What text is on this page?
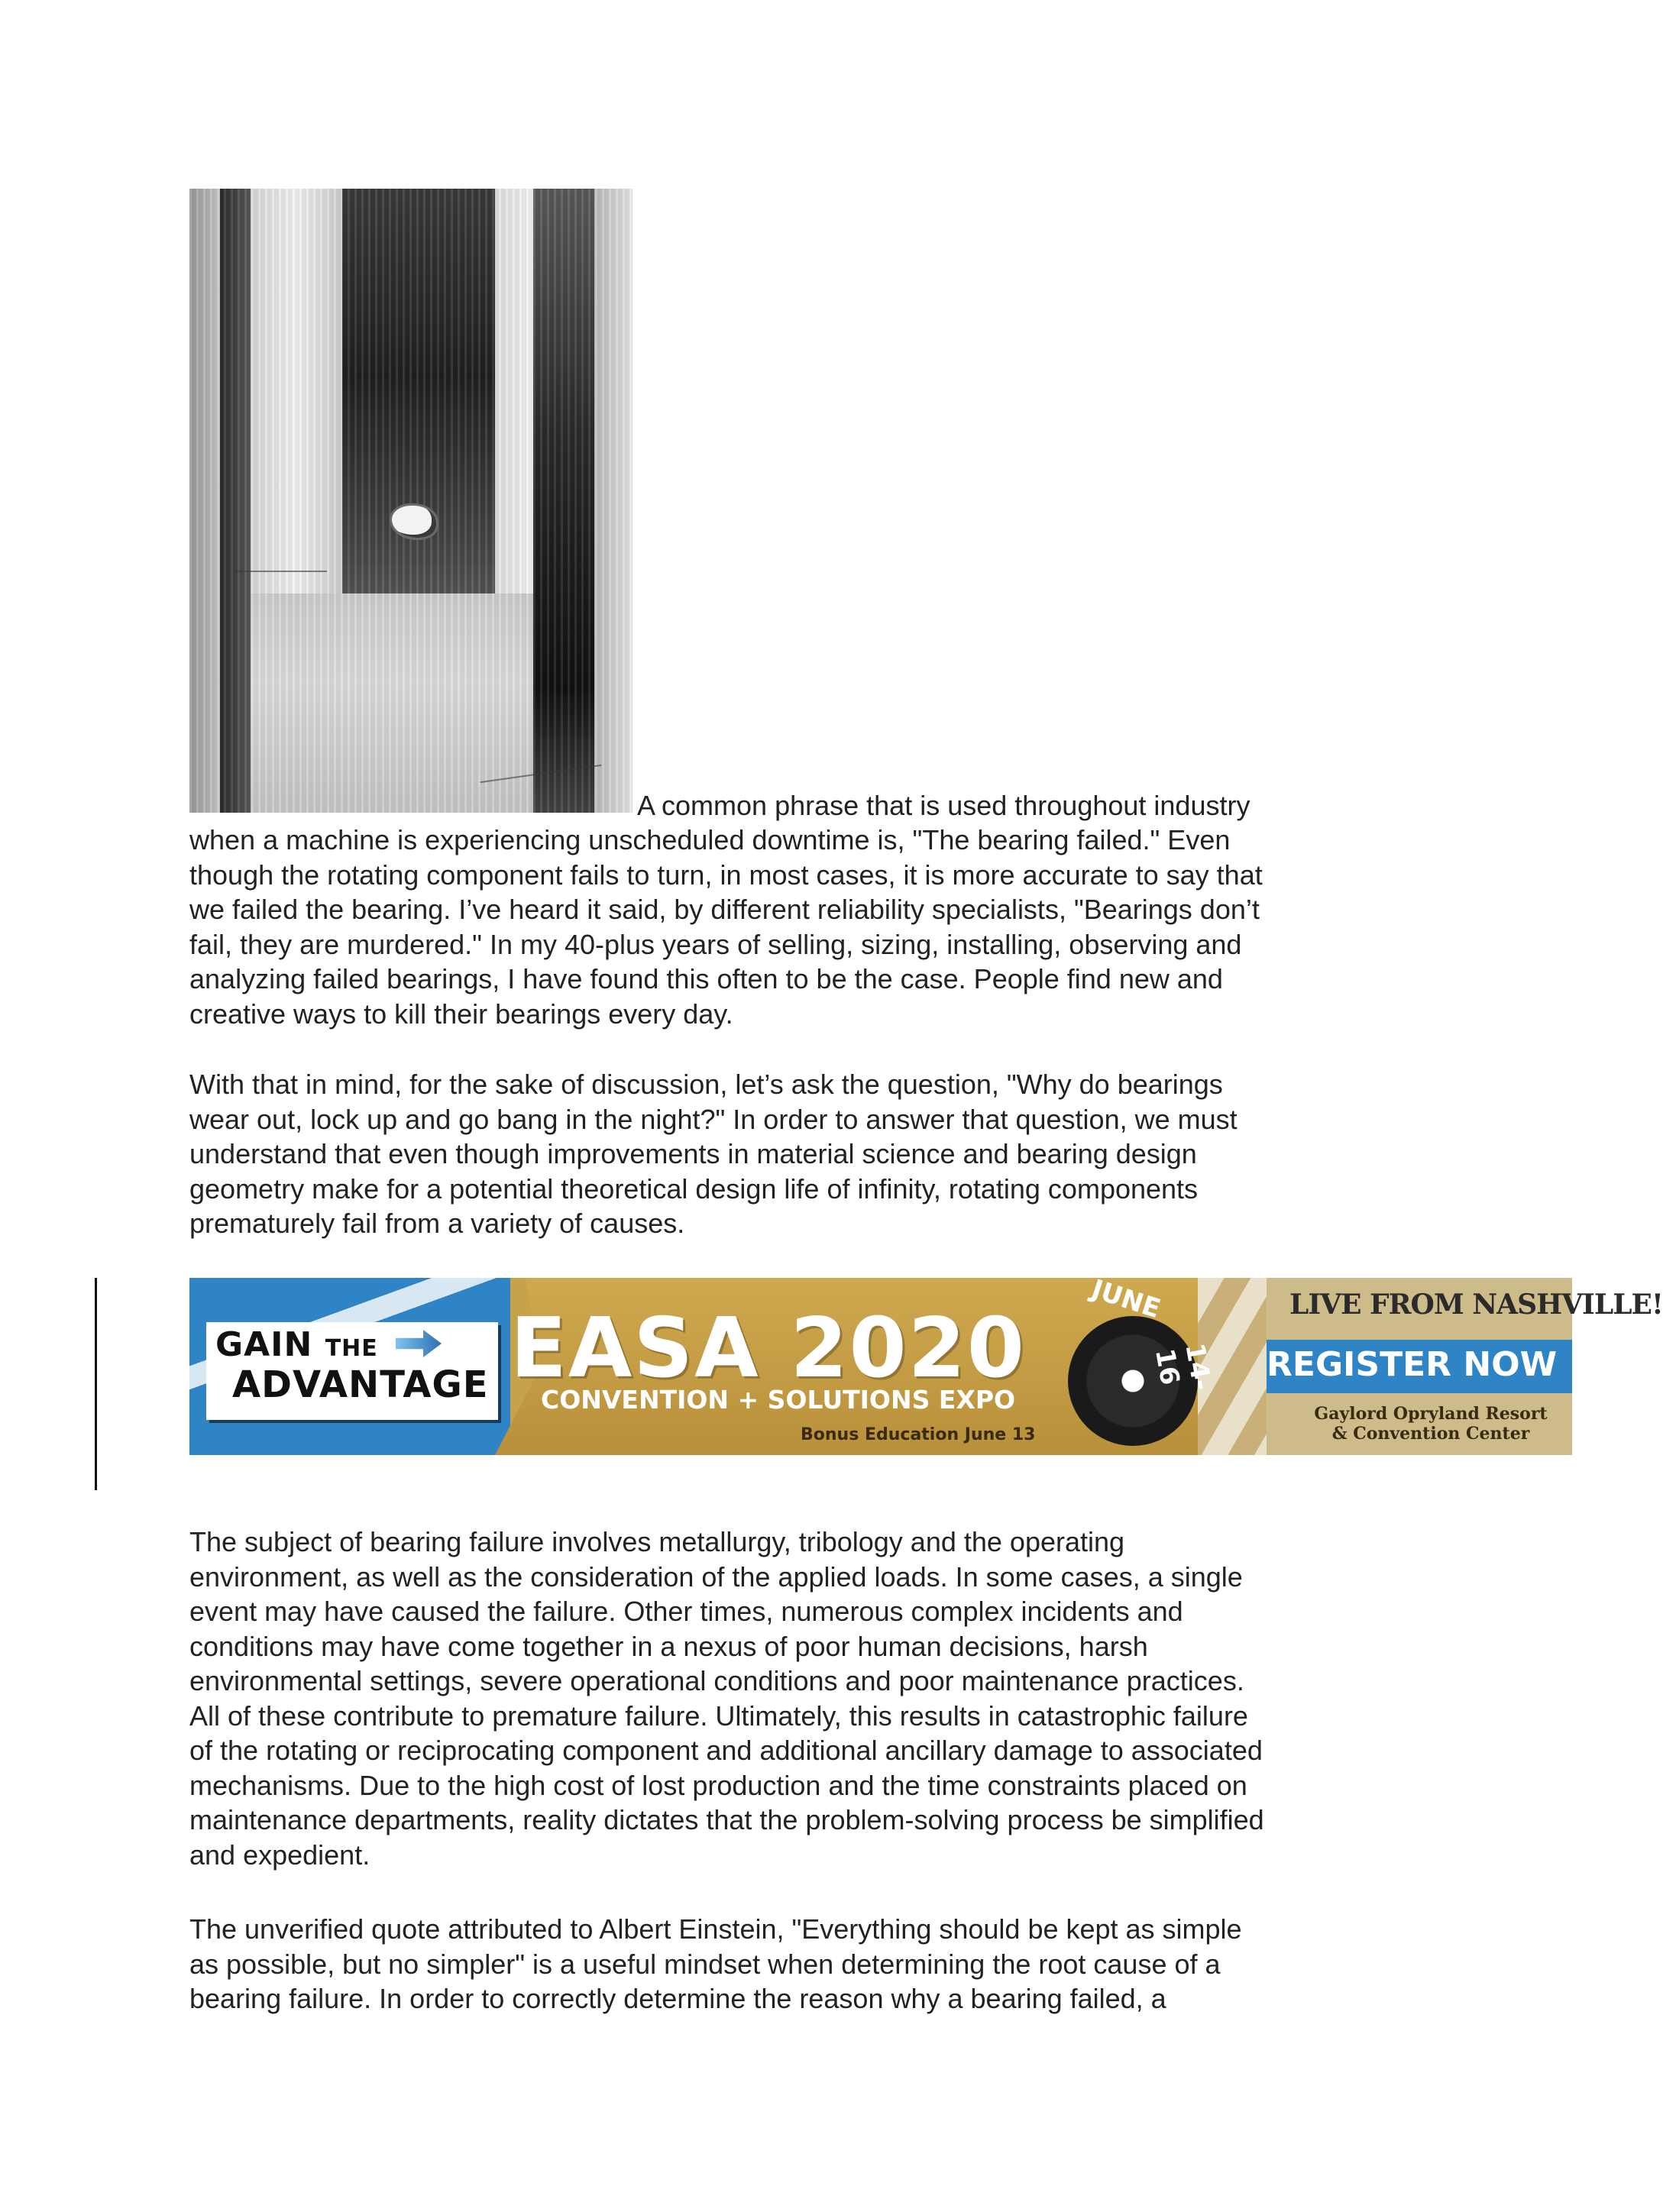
A common phrase that is used throughout industry
when a machine is experiencing unscheduled downtime is, "The bearing failed." Even
though the rotating component fails to turn, in most cases, it is more accurate to say that
we failed the bearing. I’ve heard it said, by different reliability specialists, "Bearings don’t
fail, they are murdered." In my 40-plus years of selling, sizing, installing, observing and
analyzing failed bearings, I have found this often to be the case. People find new and
creative ways to kill their bearings every day.
With that in mind, for the sake of discussion, let’s ask the question, "Why do bearings
wear out, lock up and go bang in the night?" In order to answer that question, we must
understand that even though improvements in material science and bearing design
geometry make for a potential theoretical design life of infinity, rotating components
prematurely fail from a variety of causes.
GAIN THE
ADVANTAGE EASA 2020
CONVENTION + SOLUTIONS EXPO
Bonus Education June 13
JUNE
14-16
LIVE FROM NASHVILLE!
REGISTER NOW
Gaylord Opryland Resort
& Convention Center
The subject of bearing failure involves metallurgy, tribology and the operating
environment, as well as the consideration of the applied loads. In some cases, a single
event may have caused the failure. Other times, numerous complex incidents and
conditions may have come together in a nexus of poor human decisions, harsh
environmental settings, severe operational conditions and poor maintenance practices.
All of these contribute to premature failure. Ultimately, this results in catastrophic failure
of the rotating or reciprocating component and additional ancillary damage to associated
mechanisms. Due to the high cost of lost production and the time constraints placed on
maintenance departments, reality dictates that the problem-solving process be simplified
and expedient.
The unverified quote attributed to Albert Einstein, "Everything should be kept as simple
as possible, but no simpler" is a useful mindset when determining the root cause of a
bearing failure. In order to correctly determine the reason why a bearing failed, a
